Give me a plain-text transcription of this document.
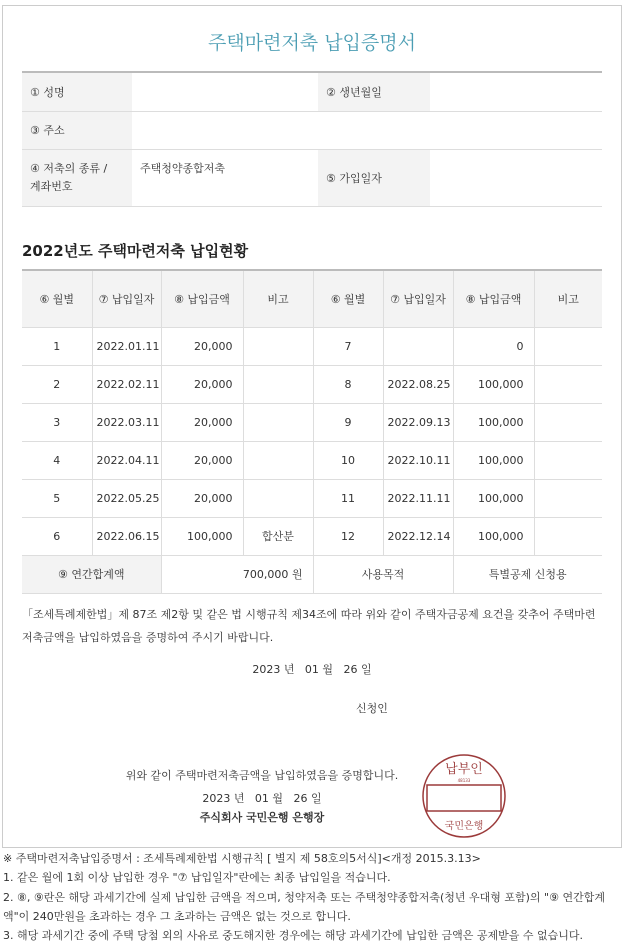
주택마련저축 납입증명서
① 성명		② 생년월일	
③ 주소			

④ 저축의 종류 /
계좌번호	주택청약종합저축	⑤ 가입일자	
2022년도 주택마련저축 납입현황
⑥ 월별	⑦ 납입일자	⑧ 납입금액	비고	⑥ 월별	⑦ 납입일자	⑧ 납입금액	비고
1	2022.01.11	20,000		7		0	
2	2022.02.11	20,000		8	2022.08.25	100,000	
3	2022.03.11	20,000		9	2022.09.13	100,000	
4	2022.04.11	20,000		10	2022.10.11	100,000	
5	2022.05.25	20,000		11	2022.11.11	100,000	
6	2022.06.15	100,000	합산분	12	2022.12.14	100,000	
⑨ 연간합계액		700,000 원		사용목적		특별공제 신청용	
「조세특례제한법」제 87조 제2항 및 같은 법 시행규칙 제34조에 따라 위와 같이 주택자금공제 요건을 갖추어 주택마련저축금액을 납입하였음을 증명하여 주시기 바랍니다.
2023 년   01 월   26 일
신청인
위와 같이 주택마련저축금액을 납입하였음을 증명합니다.
2023 년   01 월   26 일
주식회사 국민은행 은행장
납부인
48133
국민은행
※ 주택마련저축납입증명서 : 조세특례제한법 시행규칙 [ 별지 제 58호의5서식]<개정 2015.3.13>
1. 같은 월에 1회 이상 납입한 경우 "⑦ 납입일자"란에는 최종 납입일을 적습니다.
2. ⑧, ⑨란은 해당 과세기간에 실제 납입한 금액을 적으며, 청약저축 또는 주택청약종합저축(청년 우대형 포함)의 "⑨ 연간합계액"이 240만원을 초과하는 경우 그 초과하는 금액은 없는 것으로 합니다.
3. 해당 과세기간 중에 주택 당첨 외의 사유로 중도해지한 경우에는 해당 과세기간에 납입한 금액은 공제받을 수 없습니다.
